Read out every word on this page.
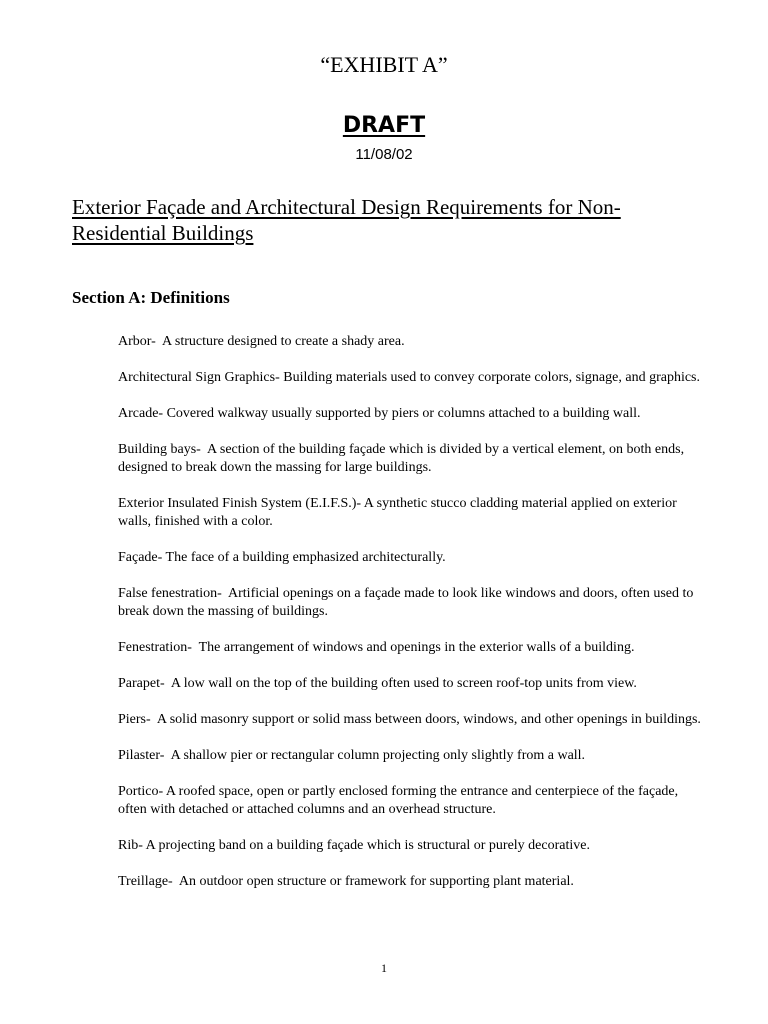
“EXHIBIT A”
DRAFT
11/08/02
Exterior Façade and Architectural Design Requirements for Non-Residential Buildings
Section A: Definitions
Arbor-  A structure designed to create a shady area.
Architectural Sign Graphics- Building materials used to convey corporate colors, signage, and graphics.
Arcade- Covered walkway usually supported by piers or columns attached to a building wall.
Building bays-  A section of the building façade which is divided by a vertical element, on both ends, designed to break down the massing for large buildings.
Exterior Insulated Finish System (E.I.F.S.)- A synthetic stucco cladding material applied on exterior walls, finished with a color.
Façade- The face of a building emphasized architecturally.
False fenestration-  Artificial openings on a façade made to look like windows and doors, often used to break down the massing of buildings.
Fenestration-  The arrangement of windows and openings in the exterior walls of a building.
Parapet-  A low wall on the top of the building often used to screen roof-top units from view.
Piers-  A solid masonry support or solid mass between doors, windows, and other openings in buildings.
Pilaster-  A shallow pier or rectangular column projecting only slightly from a wall.
Portico- A roofed space, open or partly enclosed forming the entrance and centerpiece of the façade, often with detached or attached columns and an overhead structure.
Rib- A projecting band on a building façade which is structural or purely decorative.
Treillage-  An outdoor open structure or framework for supporting plant material.
1
